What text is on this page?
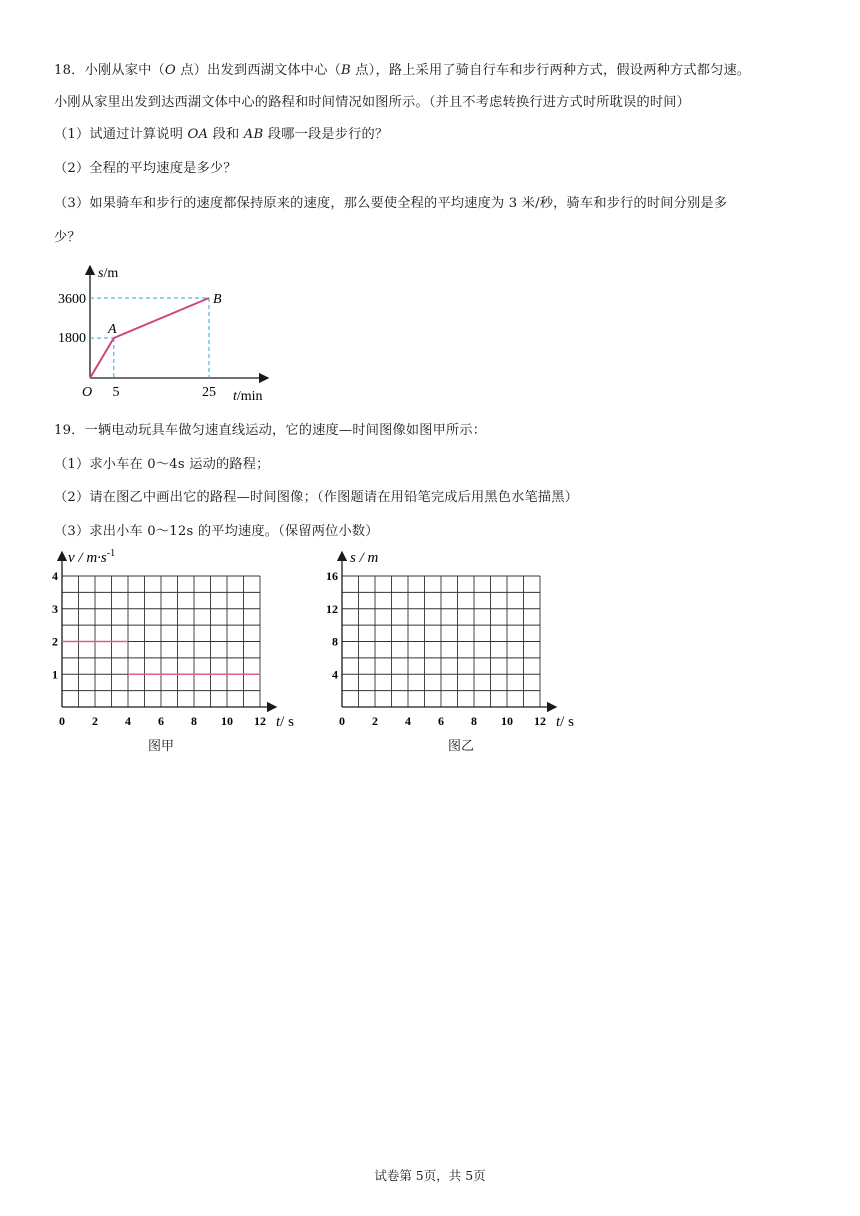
18．小刚从家中（O 点）出发到西湖文体中心（B 点），路上采用了骑自行车和步行两种方式，假设两种方式都匀速。
小刚从家里出发到达西湖文体中心的路程和时间情况如图所示。（并且不考虑转换行进方式时所耽误的时间）
（1）试通过计算说明 OA 段和 AB 段哪一段是步行的？
（2）全程的平均速度是多少？
（3）如果骑车和步行的速度都保持原来的速度，那么要使全程的平均速度为 3 米/秒，骑车和步行的时间分别是多
少？
s/m
t/min
O
A
B
3600
1800
5	25
19．一辆电动玩具车做匀速直线运动，它的速度—时间图像如图甲所示：
（1）求小车在 0～4s 运动的路程；
（2）请在图乙中画出它的路程—时间图像；（作图题请在用铅笔完成后用黑色水笔描黑）
（3）求出小车 0～12s 的平均速度。（保留两位小数）
$v / m\cdot s^{-1}$
t/ s
4
3
2
1
0 2 4 6 8 10 12
图甲
s / m
t/ s
16
12
8
4
0 2 4 6 8 10 12
图乙
试卷第 5页，共 5页
